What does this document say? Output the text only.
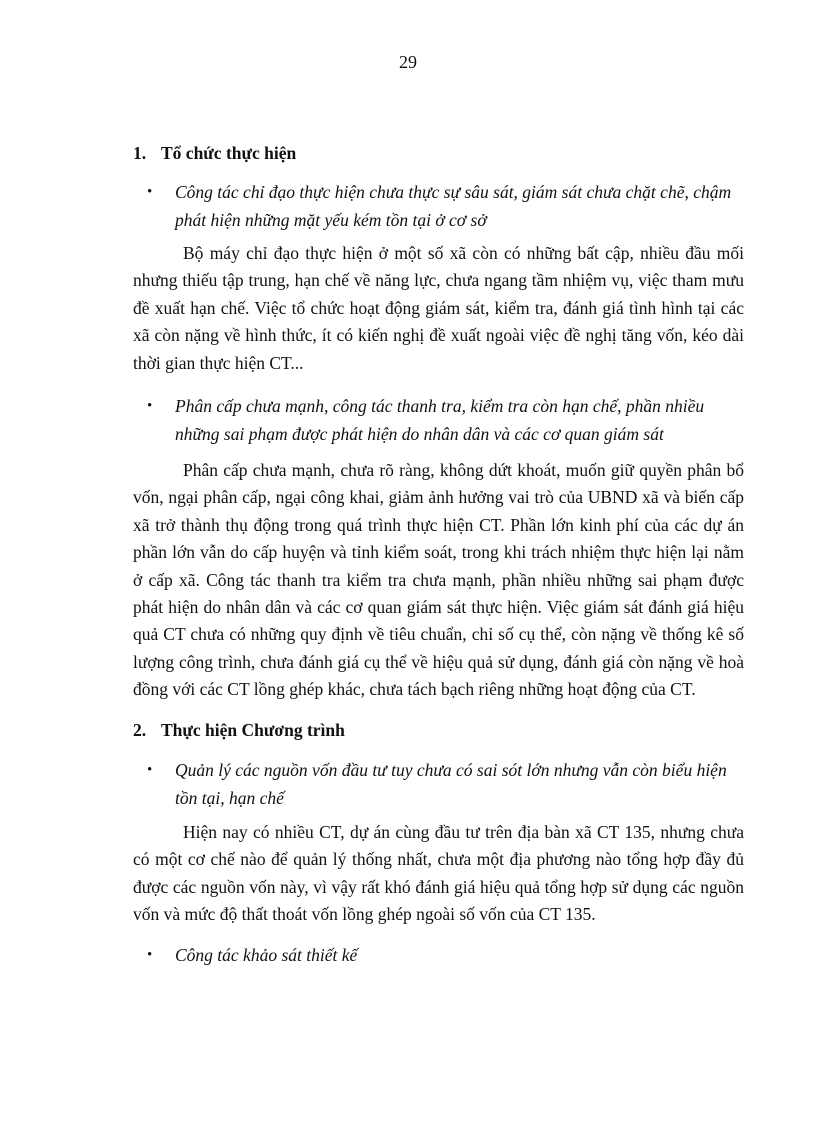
29
1. Tổ chức thực hiện
• Công tác chỉ đạo thực hiện chưa thực sự sâu sát, giám sát chưa chặt chẽ, chậm phát hiện những mặt yếu kém tồn tại ở cơ sở
Bộ máy chỉ đạo thực hiện ở một số xã còn có những bất cập, nhiều đầu mối nhưng thiếu tập trung, hạn chế về năng lực, chưa ngang tầm nhiệm vụ, việc tham mưu đề xuất hạn chế. Việc tổ chức hoạt động giám sát, kiểm tra, đánh giá tình hình tại các xã còn nặng về hình thức, ít có kiến nghị đề xuất ngoài việc đề nghị tăng vốn, kéo dài thời gian thực hiện CT...
• Phân cấp chưa mạnh, công tác thanh tra, kiểm tra còn hạn chế, phần nhiều những sai phạm được phát hiện do nhân dân và các cơ quan giám sát
Phân cấp chưa mạnh, chưa rõ ràng, không dứt khoát, muốn giữ quyền phân bổ vốn, ngại phân cấp, ngại công khai, giảm ảnh hưởng vai trò của UBND xã và biến cấp xã trở thành thụ động trong quá trình thực hiện CT. Phần lớn kinh phí của các dự án phần lớn vẫn do cấp huyện và tỉnh kiểm soát, trong khi trách nhiệm thực hiện lại nằm ở cấp xã. Công tác thanh tra kiểm tra chưa mạnh, phần nhiều những sai phạm được phát hiện do nhân dân và các cơ quan giám sát thực hiện. Việc giám sát đánh giá hiệu quả CT chưa có những quy định về tiêu chuẩn, chỉ số cụ thể, còn nặng về thống kê số lượng công trình, chưa đánh giá cụ thể về hiệu quả sử dụng, đánh giá còn nặng về hoà đồng với các CT lồng ghép khác, chưa tách bạch riêng những hoạt động của CT.
2. Thực hiện Chương trình
• Quản lý các nguồn vốn đầu tư tuy chưa có sai sót lớn nhưng vẫn còn biểu hiện tồn tại, hạn chế
Hiện nay có nhiều CT, dự án cùng đầu tư trên địa bàn xã CT 135, nhưng chưa có một cơ chế nào để quản lý thống nhất, chưa một địa phương nào tổng hợp đầy đủ được các nguồn vốn này, vì vậy rất khó đánh giá hiệu quả tổng hợp sử dụng các nguồn vốn và mức độ thất thoát vốn lồng ghép ngoài số vốn của CT 135.
• Công tác khảo sát thiết kế
